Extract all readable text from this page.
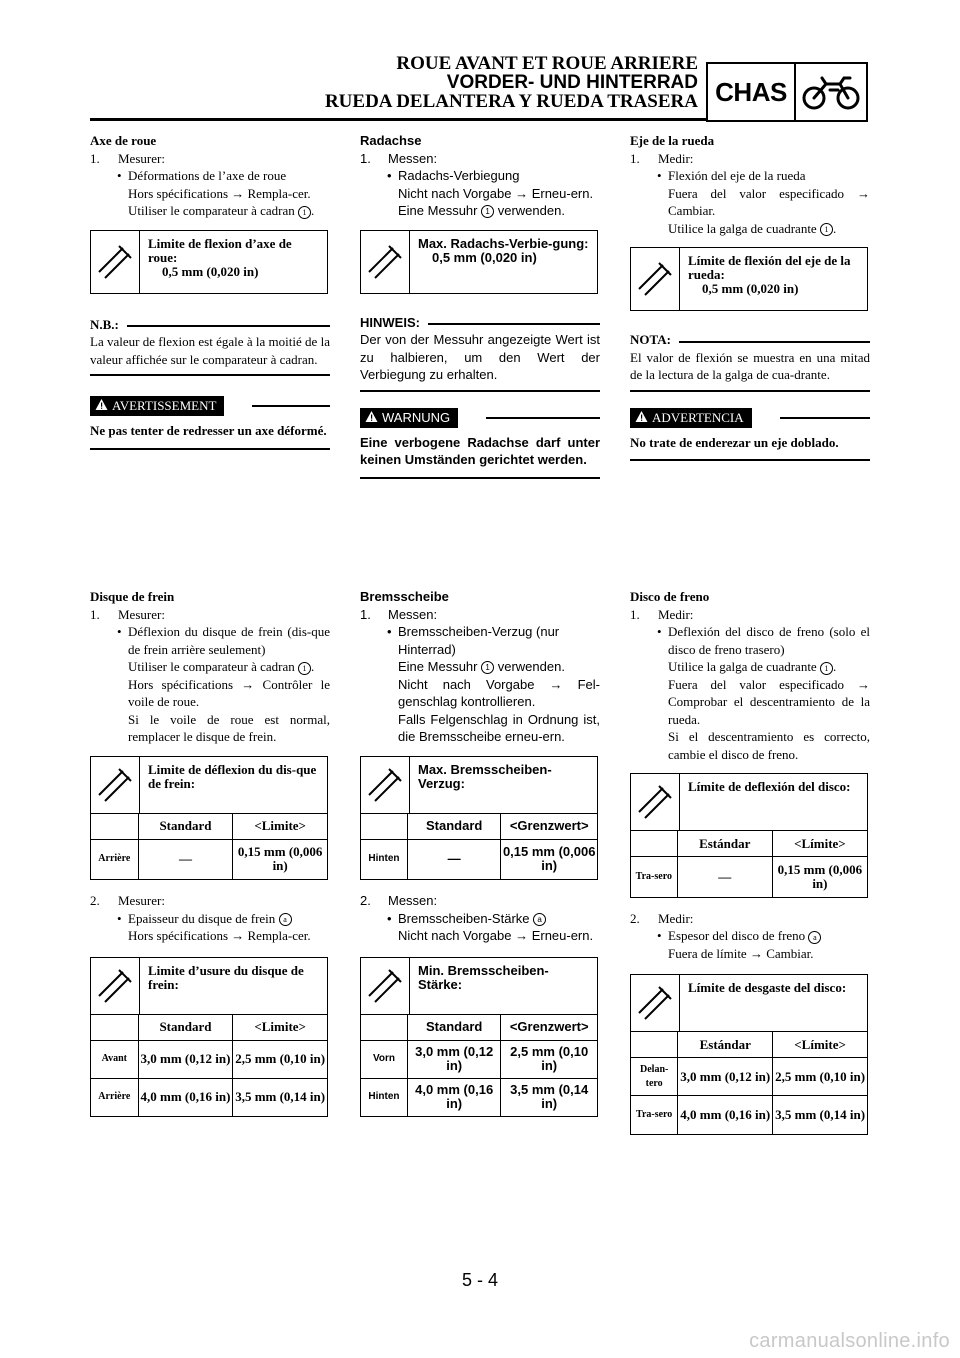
ROUE AVANT ET ROUE ARRIERE
VORDER- UND HINTERRAD
RUEDA DELANTERA Y RUEDA TRASERA CHAS
Axe de roue
1. Mesurer:
• Déformations de l’axe de roue
Hors spécifications → Rempla-cer.
Utiliser le comparateur à cadran 1 .
Limite de flexion d’axe de roue:
0,5 mm (0,020 in)
N.B.:
La valeur de flexion est égale à la moitié de la valeur affichée sur le comparateur à cadran.
AVERTISSEMENT
Ne pas tenter de redresser un axe déformé.
Radachse
1. Messen:
• Radachs-Verbiegung
Nicht nach Vorgabe → Erneu-ern.
Eine Messuhr 1 verwenden.
Max. Radachs-Verbie-gung:
0,5 mm (0,020 in)
HINWEIS:
Der von der Messuhr angezeigte Wert ist zu halbieren, um den Wert der Verbiegung zu erhalten.
WARNUNG
Eine verbogene Radachse darf unter keinen Umständen gerichtet werden.
Eje de la rueda
1. Medir:
• Flexión del eje de la rueda
Fuera del valor especificado → Cambiar.
Utilice la galga de cuadrante 1 .
Límite de flexión del eje de la rueda:
0,5 mm (0,020 in)
NOTA:
El valor de flexión se muestra en una mitad de la lectura de la galga de cua-drante.
ADVERTENCIA
No trate de enderezar un eje doblado.
Disque de frein
1. Mesurer:
• Déflexion du disque de frein (dis-que de frein arrière seulement)
Utiliser le comparateur à cadran 1 .
Hors spécifications → Contrôler le voile de roue.
Si le voile de roue est normal, remplacer le disque de frein.
Limite de déflexion du dis-que de frein:
	Standard	<Limite>
Arrière	—	0,15 mm (0,006 in)
2. Mesurer:
• Epaisseur du disque de frein a
Hors spécifications → Rempla-cer.
Limite d’usure du disque de frein:
	Standard	<Limite>
Avant	3,0 mm (0,12 in)	2,5 mm (0,10 in)
Arrière	4,0 mm (0,16 in)	3,5 mm (0,14 in)
Bremsscheibe
1. Messen:
• Bremsscheiben-Verzug (nur Hinterrad)
Eine Messuhr 1 verwenden.
Nicht nach Vorgabe → Fel-genschlag kontrollieren.
Falls Felgenschlag in Ordnung ist, die Bremsscheibe erneu-ern.
Max. Bremsscheiben-Verzug:
	Standard	<Grenzwert>
Hinten	—	0,15 mm (0,006 in)
2. Messen:
• Bremsscheiben-Stärke a
Nicht nach Vorgabe → Erneu-ern.
Min. Bremsscheiben-Stärke:
	Standard	<Grenzwert>
Vorn	3,0 mm (0,12 in)	2,5 mm (0,10 in)
Hinten	4,0 mm (0,16 in)	3,5 mm (0,14 in)
Disco de freno
1. Medir:
• Deflexión del disco de freno (solo el disco de freno trasero)
Utilice la galga de cuadrante 1 .
Fuera del valor especificado → Comprobar el descentramiento de la rueda.
Si el descentramiento es correcto, cambie el disco de freno.
Límite de deflexión del disco:
	Estándar	<Límite>
Tra-sero	—	0,15 mm (0,006 in)
2. Medir:
• Espesor del disco de freno a
Fuera de límite → Cambiar.
Límite de desgaste del disco:
	Estándar	<Límite>
Delan-tero	3,0 mm (0,12 in)	2,5 mm (0,10 in)
Tra-sero	4,0 mm (0,16 in)	3,5 mm (0,14 in)
5 - 4
carmanualsonline.info
